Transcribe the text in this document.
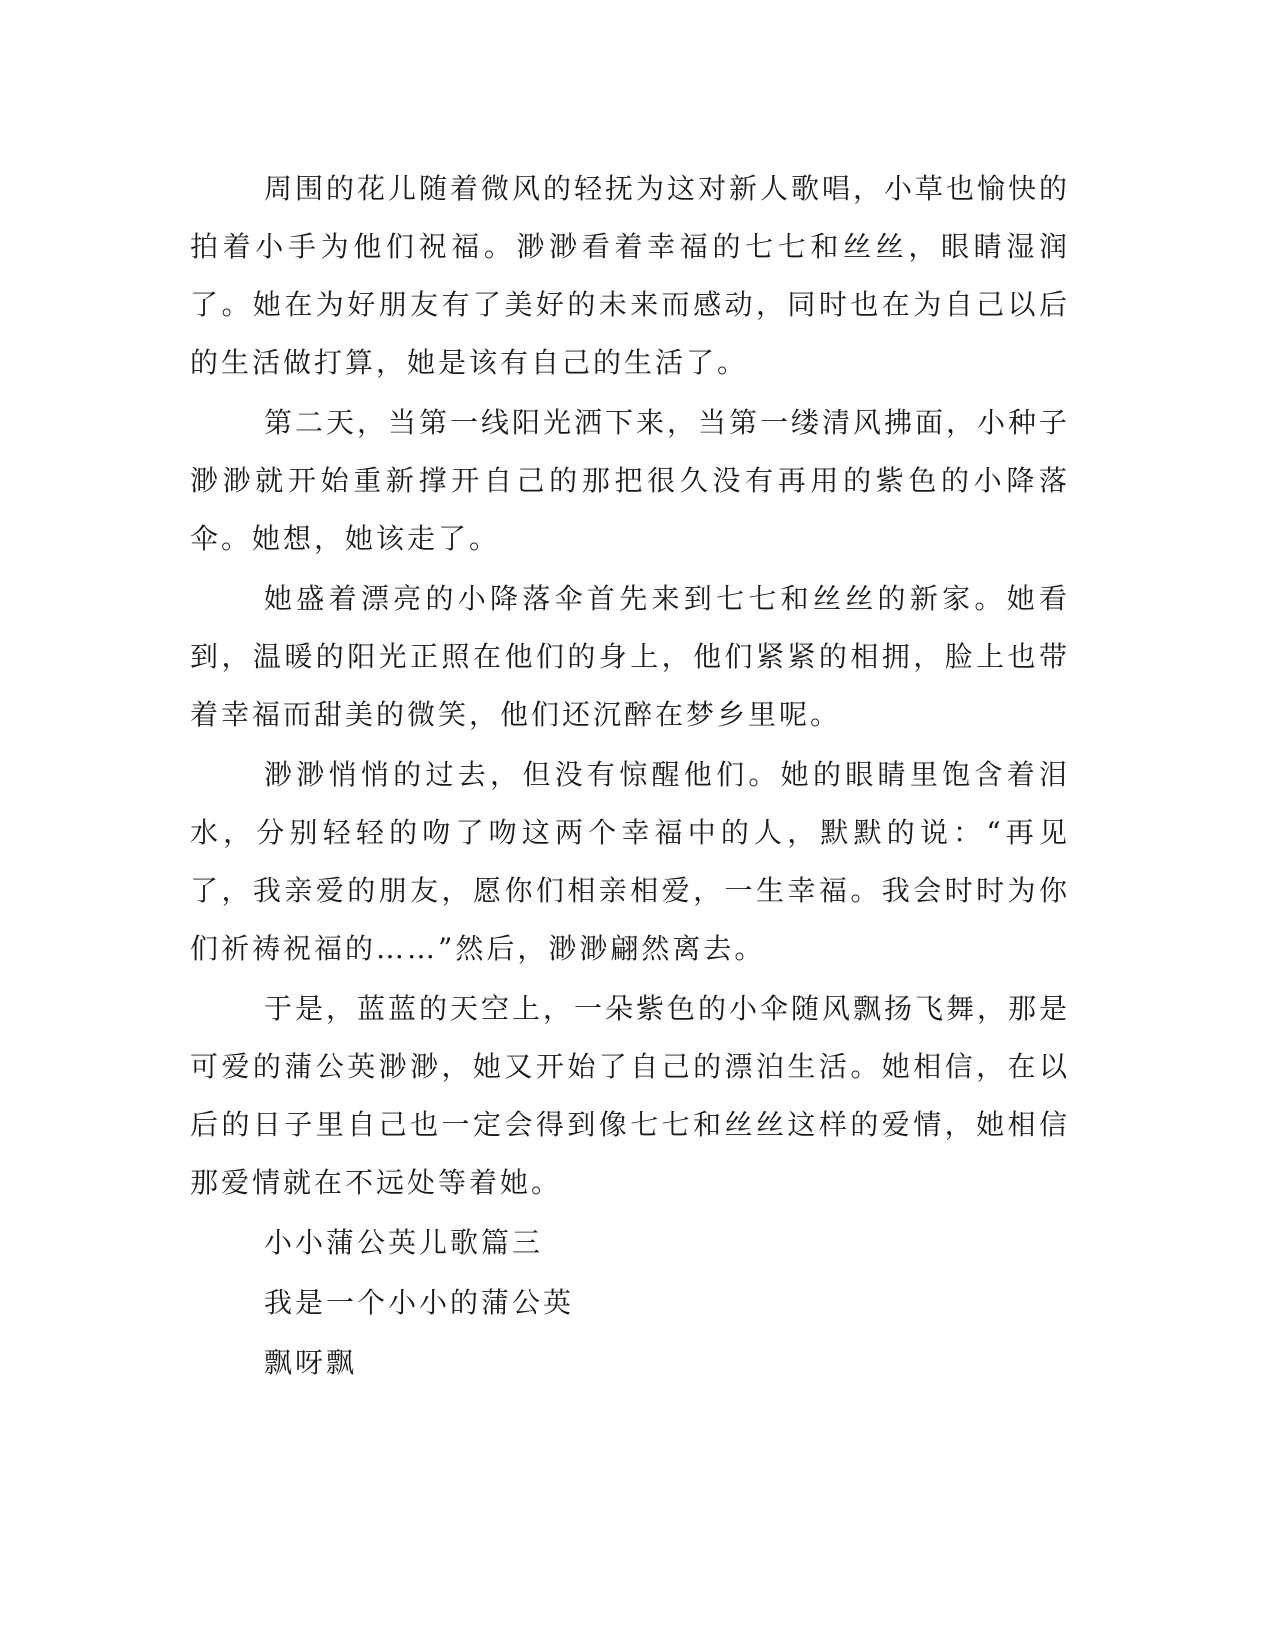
周围的花儿随着微风的轻抚为这对新人歌唱，小草也愉快的拍着小手为他们祝福。渺渺看着幸福的七七和丝丝，眼睛湿润了。她在为好朋友有了美好的未来而感动，同时也在为自己以后的生活做打算，她是该有自己的生活了。

第二天，当第一线阳光洒下来，当第一缕清风拂面，小种子渺渺就开始重新撑开自己的那把很久没有再用的紫色的小降落伞。她想，她该走了。

她盛着漂亮的小降落伞首先来到七七和丝丝的新家。她看到，温暖的阳光正照在他们的身上，他们紧紧的相拥，脸上也带着幸福而甜美的微笑，他们还沉醉在梦乡里呢。

渺渺悄悄的过去，但没有惊醒他们。她的眼睛里饱含着泪水，分别轻轻的吻了吻这两个幸福中的人，默默的说：“再见了，我亲爱的朋友，愿你们相亲相爱，一生幸福。我会时时为你们祈祷祝福的……”然后，渺渺翩然离去。

于是，蓝蓝的天空上，一朵紫色的小伞随风飘扬飞舞，那是可爱的蒲公英渺渺，她又开始了自己的漂泊生活。她相信，在以后的日子里自己也一定会得到像七七和丝丝这样的爱情，她相信那爱情就在不远处等着她。

小小蒲公英儿歌篇三

我是一个小小的蒲公英

飘呀飘
